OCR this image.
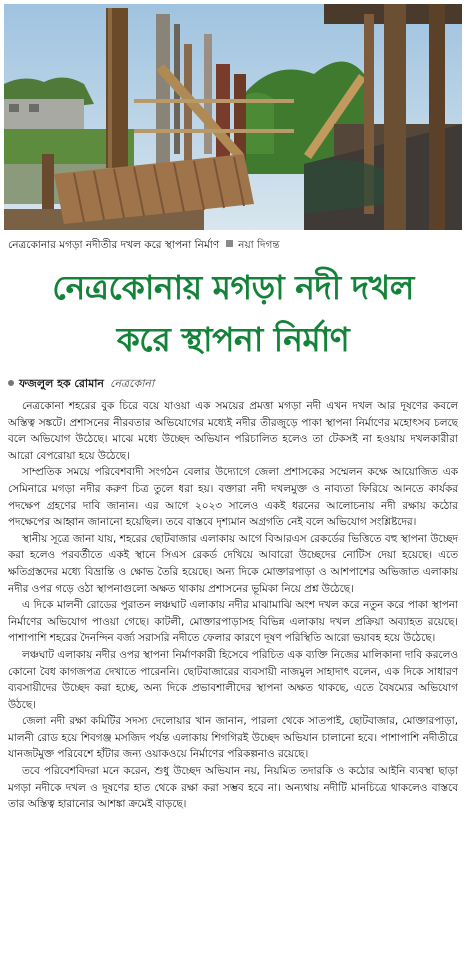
নেত্রকোনার মগড়া নদীতীর দখল করে স্থাপনা নির্মাণ নয়া দিগন্ত
নেত্রকোনায় মগড়া নদী দখল
করে স্থাপনা নির্মাণ
ফজলুল হক রোমান নেত্রকোনা

নেত্রকোনা শহরের বুক চিরে বয়ে যাওয়া এক সময়ের প্রমত্তা মগড়া নদী এখন দখল আর দূষণের কবলে অস্তিত্ব সঙ্কটে। প্রশাসনের নীরবতার অভিযোগের মধ্যেই নদীর তীরজুড়ে পাকা স্থাপনা নির্মাণের মহোৎসব চলছে বলে অভিযোগ উঠেছে। মাঝে মধ্যে উচ্ছেদ অভিযান পরিচালিত হলেও তা টেকসই না হওয়ায় দখলকারীরা আরো বেপরোয়া হয়ে উঠেছে।

সাম্প্রতিক সময়ে পরিবেশবাদী সংগঠন বেলার উদ্যোগে জেলা প্রশাসকের সম্মেলন কক্ষে আয়োজিত এক সেমিনারে মগড়া নদীর করুণ চিত্র তুলে ধরা হয়। বক্তারা নদী দখলমুক্ত ও নাব্যতা ফিরিয়ে আনতে কার্যকর পদক্ষেপ গ্রহণের দাবি জানান। এর আগে ২০২৩ সালেও একই ধরনের আলোচনায় নদী রক্ষায় কঠোর পদক্ষেপের আহ্বান জানানো হয়েছিল। তবে বাস্তবে দৃশ্যমান অগ্রগতি নেই বলে অভিযোগ সংশ্লিষ্টদের।

স্থানীয় সূত্রে জানা যায়, শহরের ছোটবাজার এলাকায় আগে বিআরএস রেকর্ডের ভিত্তিতে বহু স্থাপনা উচ্ছেদ করা হলেও পরবর্তীতে একই স্থানে সিএস রেকর্ড দেখিয়ে আবারো উচ্ছেদের নোটিস দেয়া হয়েছে। এতে ক্ষতিগ্রস্তদের মধ্যে বিভ্রান্তি ও ক্ষোভ তৈরি হয়েছে। অন্য দিকে মোক্তারপাড়া ও আশপাশের অভিজাত এলাকায় নদীর ওপর গড়ে ওঠা স্থাপনাগুলো অক্ষত থাকায় প্রশাসনের ভূমিকা নিয়ে প্রশ্ন উঠেছে।

এ দিকে মালনী রোডের পুরাতন লঞ্চঘাট এলাকায় নদীর মাঝামাঝি অংশ দখল করে নতুন করে পাকা স্থাপনা নির্মাণের অভিযোগ পাওয়া গেছে। কাটলী, মোক্তারপাড়াসহ বিভিন্ন এলাকায় দখল প্রক্রিয়া অব্যাহত রয়েছে। পাশাপাশি শহরের দৈনন্দিন বর্জ্য সরাসরি নদীতে ফেলার কারণে দূষণ পরিস্থিতি আরো ভয়াবহ হয়ে উঠেছে।

লঞ্চঘাট এলাকায় নদীর ওপর স্থাপনা নির্মাণকারী হিসেবে পরিচিত এক ব্যক্তি নিজের মালিকানা দাবি করলেও কোনো বৈধ কাগজপত্র দেখাতে পারেননি। ছোটবাজারের ব্যবসায়ী নাজমুল সাহাদাৎ বলেন, এক দিকে সাধারণ ব্যবসায়ীদের উচ্ছেদ করা হচ্ছে, অন্য দিকে প্রভাবশালীদের স্থাপনা অক্ষত থাকছে, এতে বৈষম্যের অভিযোগ উঠছে।

জেলা নদী রক্ষা কমিটির সদস্য দেলোয়ার খান জানান, পারলা থেকে সাতপাই, ছোটবাজার, মোক্তারপাড়া, মালনী রোড হয়ে শিবগঞ্জ মসজিদ পর্যন্ত এলাকায় শিগগিরই উচ্ছেদ অভিযান চালানো হবে। পাশাপাশি নদীতীরে যানজটমুক্ত পরিবেশে হাঁটার জন্য ওয়াকওয়ে নির্মাণের পরিকল্পনাও রয়েছে।

তবে পরিবেশবিদরা মনে করেন, শুধু উচ্ছেদ অভিযান নয়, নিয়মিত তদারকি ও কঠোর আইনি ব্যবস্থা ছাড়া মগড়া নদীকে দখল ও দূষণের হাত থেকে রক্ষা করা সম্ভব হবে না। অন্যথায় নদীটি মানচিত্রে থাকলেও বাস্তবে তার অস্তিত্ব হারানোর আশঙ্কা ক্রমেই বাড়ছে।
